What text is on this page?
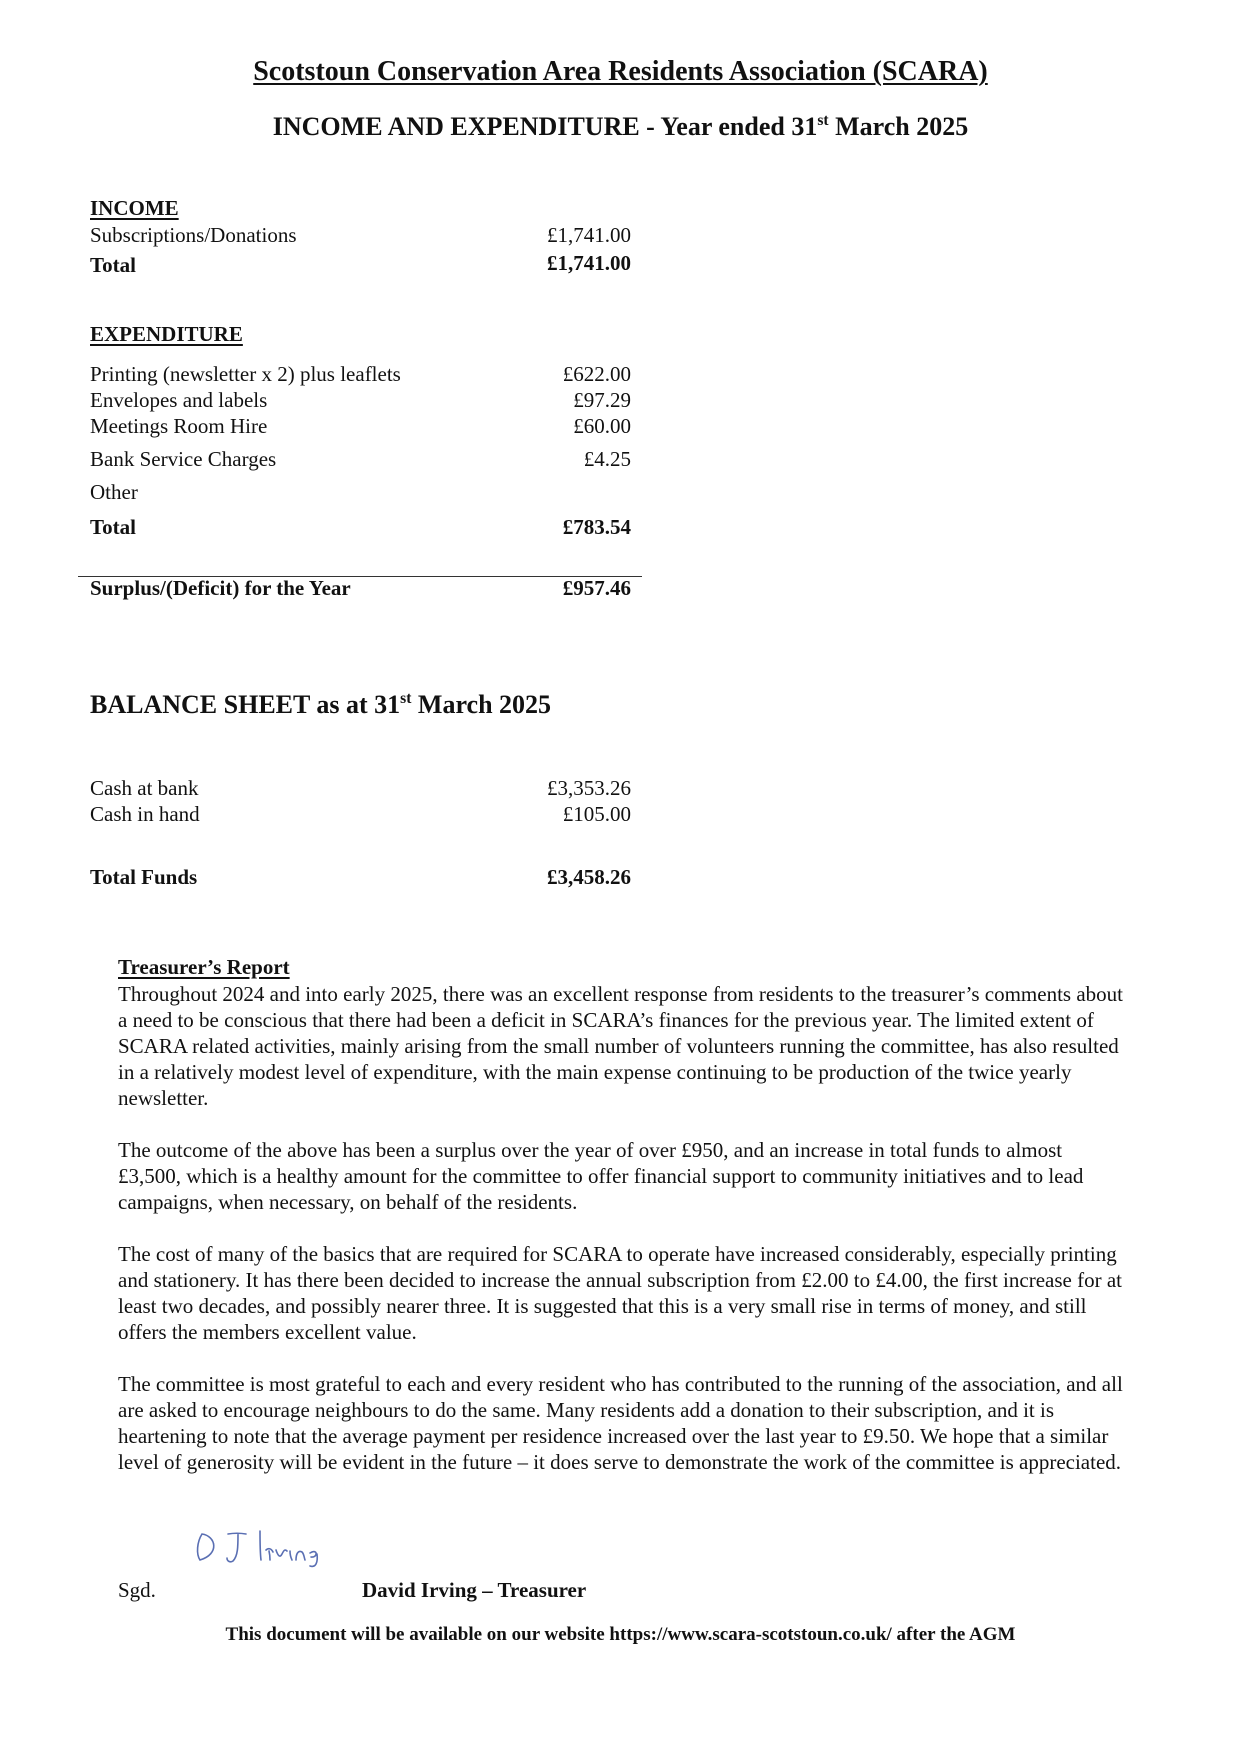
Scotstoun Conservation Area Residents Association (SCARA)
INCOME AND EXPENDITURE - Year ended 31st March 2025
INCOME
Subscriptions/Donations	£1,741.00
Total	£1,741.00
EXPENDITURE
Printing (newsletter x 2) plus leaflets	£622.00
Envelopes and labels	£97.29
Meetings Room Hire	£60.00
Bank Service Charges	£4.25
Other
Total	£783.54
Surplus/(Deficit) for the Year	£957.46
BALANCE SHEET as at 31st March 2025
Cash at bank	£3,353.26
Cash in hand	£105.00
Total Funds	£3,458.26
Treasurer’s Report

Throughout 2024 and into early 2025, there was an excellent response from residents to the treasurer’s comments about a need to be conscious that there had been a deficit in SCARA’s finances for the previous year. The limited extent of SCARA related activities, mainly arising from the small number of volunteers running the committee, has also resulted in a relatively modest level of expenditure, with the main expense continuing to be production of the twice yearly newsletter.

The outcome of the above has been a surplus over the year of over £950, and an increase in total funds to almost £3,500, which is a healthy amount for the committee to offer financial support to community initiatives and to lead campaigns, when necessary, on behalf of the residents.

The cost of many of the basics that are required for SCARA to operate have increased considerably, especially printing and stationery. It has there been decided to increase the annual subscription from £2.00 to £4.00, the first increase for at least two decades, and possibly nearer three. It is suggested that this is a very small rise in terms of money, and still offers the members excellent value.

The committee is most grateful to each and every resident who has contributed to the running of the association, and all are asked to encourage neighbours to do the same. Many residents add a donation to their subscription, and it is heartening to note that the average payment per residence increased over the last year to £9.50. We hope that a similar level of generosity will be evident in the future – it does serve to demonstrate the work of the committee is appreciated.

Sgd.	David Irving – Treasurer
This document will be available on our website https://www.scara-scotstoun.co.uk/ after the AGM
